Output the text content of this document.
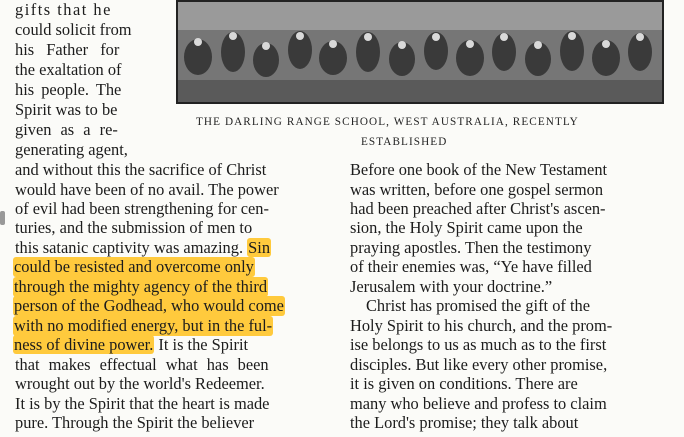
THE DARLING RANGE SCHOOL, WEST AUSTRALIA, RECENTLY
ESTABLISHED
gifts that he
could solicit from
his Father for
the exaltation of
his people. The
Spirit was to be
given as a re-
generating agent,
and without this the sacrifice of Christ
would have been of no avail. The power
of evil had been strengthening for cen-
turies, and the submission of men to
this satanic captivity was amazing. Sin
could be resisted and overcome only
through the mighty agency of the third
person of the Godhead, who would come
with no modified energy, but in the ful-
ness of divine power. It is the Spirit
that makes effectual what has been
wrought out by the world's Redeemer.
It is by the Spirit that the heart is made
pure. Through the Spirit the believer
Before one book of the New Testament
was written, before one gospel sermon
had been preached after Christ's ascen-
sion, the Holy Spirit came upon the
praying apostles. Then the testimony
of their enemies was, “Ye have filled
Jerusalem with your doctrine.”
Christ has promised the gift of the
Holy Spirit to his church, and the prom-
ise belongs to us as much as to the first
disciples. But like every other promise,
it is given on conditions. There are
many who believe and profess to claim
the Lord's promise; they talk about
